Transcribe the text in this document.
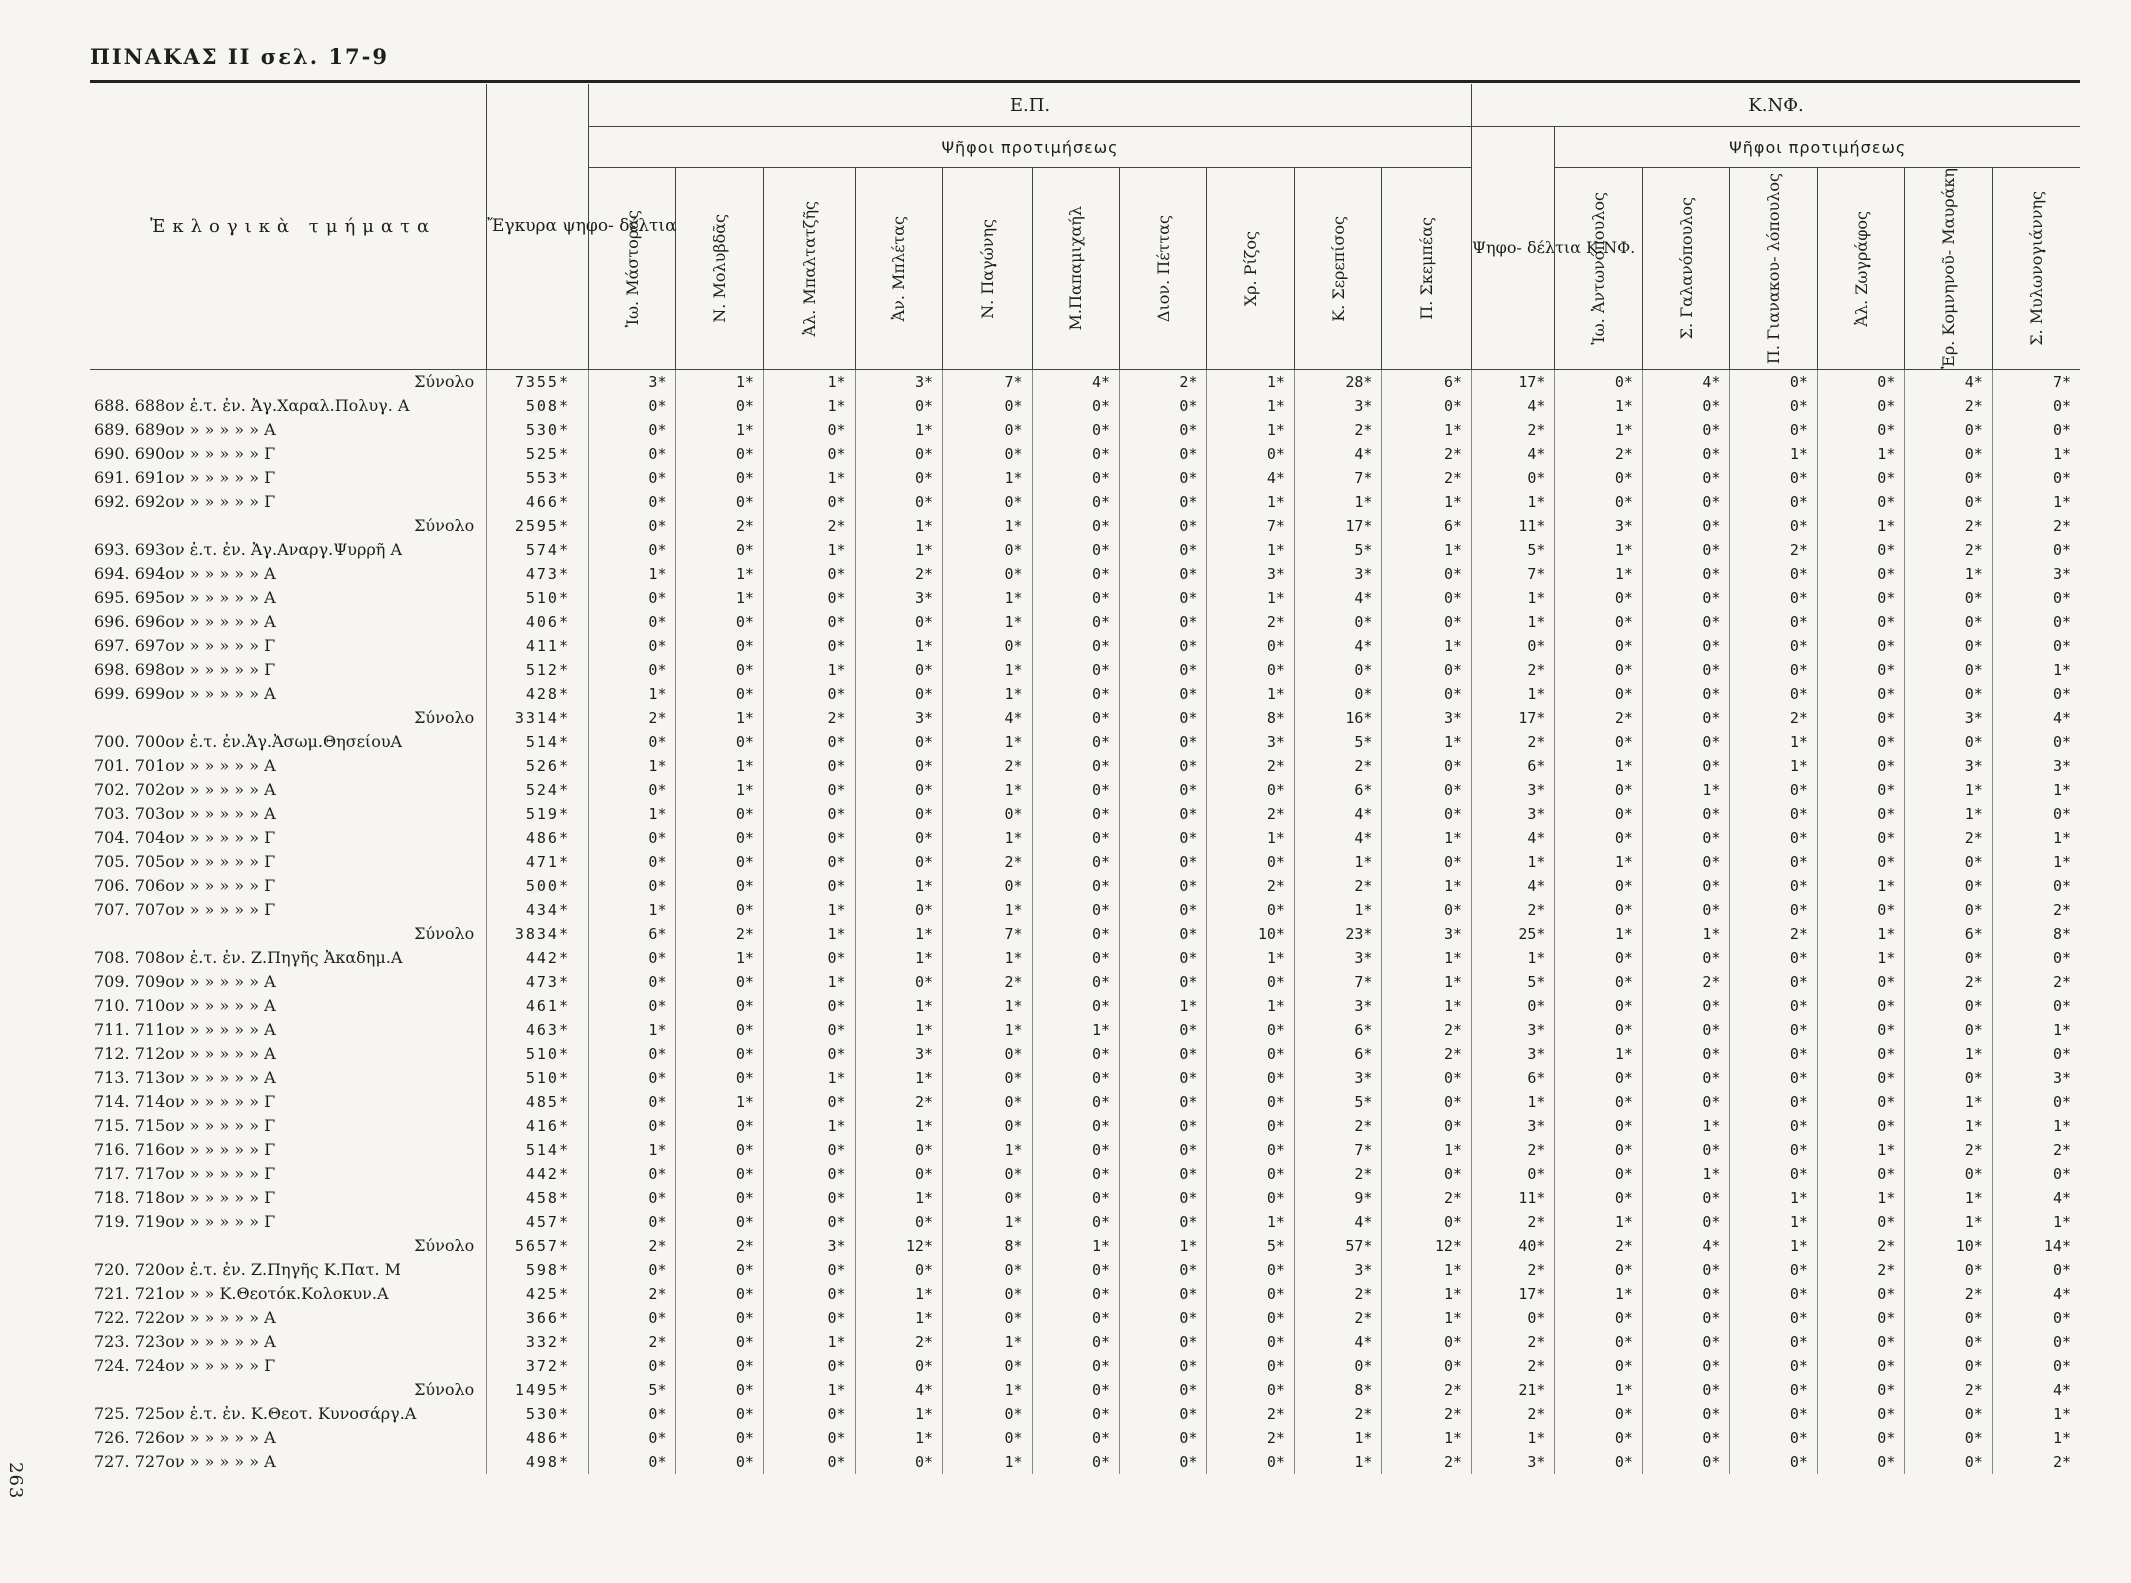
ΠΙΝΑΚΑΣ ΙΙ σελ. 17-9
263
Ἐκλογικὰ τμήματα	Ἔγκυρα ψηφο- δέλτια	Ε.Π.										Κ.ΝΦ.						
		Ψῆφοι προτιμήσεως										Ψηφο- δέλτια Κ.ΝΦ.	Ψῆφοι προτιμήσεως					

		Ἰω. Μάστορας	Ν. Μολυβδᾶς	Ἀλ. Μπαλτατζῆς	Ἀν. Μπλέτας	Ν. Παγώνης	Μ.Παπαμιχαήλ	Διον. Πέττας	Χρ. Ρίζος	Κ. Σερεπίσος	Π. Σκεμπέας		Ἰω. Ἀντωνόπουλος	Σ. Γαλανόπουλος	Π. Γιανακου- λόπουλος	Ἀλ. Ζωγράφος	Ἐρ. Κομνηνοῦ- Μαυράκη	Σ. Μυλωνογιάννης

Σύνολο	7355*	3*	1*	1*	3*	7*	4*	2*	1*	28*	6*	17*	0*	4*	0*	0*	4*	7*
688. 688ον ἐ.τ. ἐν. Ἀγ.Χαραλ.Πολυγ. Α	508*	0*	0*	1*	0*	0*	0*	0*	1*	3*	0*	4*	1*	0*	0*	0*	2*	0*
689. 689ον » » » » » Α	530*	0*	1*	0*	1*	0*	0*	0*	1*	2*	1*	2*	1*	0*	0*	0*	0*	0*
690. 690ον » » » » » Γ	525*	0*	0*	0*	0*	0*	0*	0*	0*	4*	2*	4*	2*	0*	1*	1*	0*	1*
691. 691ον » » » » » Γ	553*	0*	0*	1*	0*	1*	0*	0*	4*	7*	2*	0*	0*	0*	0*	0*	0*	0*
692. 692ον » » » » » Γ	466*	0*	0*	0*	0*	0*	0*	0*	1*	1*	1*	1*	0*	0*	0*	0*	0*	1*
Σύνολο	2595*	0*	2*	2*	1*	1*	0*	0*	7*	17*	6*	11*	3*	0*	0*	1*	2*	2*
693. 693ον ἐ.τ. ἐν. Ἀγ.Αναργ.Ψυρρῆ Α	574*	0*	0*	1*	1*	0*	0*	0*	1*	5*	1*	5*	1*	0*	2*	0*	2*	0*
694. 694ον » » » » » Α	473*	1*	1*	0*	2*	0*	0*	0*	3*	3*	0*	7*	1*	0*	0*	0*	1*	3*
695. 695ον » » » » » Α	510*	0*	1*	0*	3*	1*	0*	0*	1*	4*	0*	1*	0*	0*	0*	0*	0*	0*
696. 696ον » » » » » Α	406*	0*	0*	0*	0*	1*	0*	0*	2*	0*	0*	1*	0*	0*	0*	0*	0*	0*
697. 697ον » » » » » Γ	411*	0*	0*	0*	1*	0*	0*	0*	0*	4*	1*	0*	0*	0*	0*	0*	0*	0*
698. 698ον » » » » » Γ	512*	0*	0*	1*	0*	1*	0*	0*	0*	0*	0*	2*	0*	0*	0*	0*	0*	1*
699. 699ον » » » » » Α	428*	1*	0*	0*	0*	1*	0*	0*	1*	0*	0*	1*	0*	0*	0*	0*	0*	0*
Σύνολο	3314*	2*	1*	2*	3*	4*	0*	0*	8*	16*	3*	17*	2*	0*	2*	0*	3*	4*
700. 700ον ἐ.τ. ἐν.Ἀγ.Ἀσωμ.ΘησείουΑ	514*	0*	0*	0*	0*	1*	0*	0*	3*	5*	1*	2*	0*	0*	1*	0*	0*	0*
701. 701ον » » » » » Α	526*	1*	1*	0*	0*	2*	0*	0*	2*	2*	0*	6*	1*	0*	1*	0*	3*	3*
702. 702ον » » » » » Α	524*	0*	1*	0*	0*	1*	0*	0*	0*	6*	0*	3*	0*	1*	0*	0*	1*	1*
703. 703ον » » » » » Α	519*	1*	0*	0*	0*	0*	0*	0*	2*	4*	0*	3*	0*	0*	0*	0*	1*	0*
704. 704ον » » » » » Γ	486*	0*	0*	0*	0*	1*	0*	0*	1*	4*	1*	4*	0*	0*	0*	0*	2*	1*
705. 705ον » » » » » Γ	471*	0*	0*	0*	0*	2*	0*	0*	0*	1*	0*	1*	1*	0*	0*	0*	0*	1*
706. 706ον » » » » » Γ	500*	0*	0*	0*	1*	0*	0*	0*	2*	2*	1*	4*	0*	0*	0*	1*	0*	0*
707. 707ον » » » » » Γ	434*	1*	0*	1*	0*	1*	0*	0*	0*	1*	0*	2*	0*	0*	0*	0*	0*	2*
Σύνολο	3834*	6*	2*	1*	1*	7*	0*	0*	10*	23*	3*	25*	1*	1*	2*	1*	6*	8*
708. 708ον ἐ.τ. ἐν. Ζ.Πηγῆς Ἀκαδημ.Α	442*	0*	1*	0*	1*	1*	0*	0*	1*	3*	1*	1*	0*	0*	0*	1*	0*	0*
709. 709ον » » » » » Α	473*	0*	0*	1*	0*	2*	0*	0*	0*	7*	1*	5*	0*	2*	0*	0*	2*	2*
710. 710ον » » » » » Α	461*	0*	0*	0*	1*	1*	0*	1*	1*	3*	1*	0*	0*	0*	0*	0*	0*	0*
711. 711ον » » » » » Α	463*	1*	0*	0*	1*	1*	1*	0*	0*	6*	2*	3*	0*	0*	0*	0*	0*	1*
712. 712ον » » » » » Α	510*	0*	0*	0*	3*	0*	0*	0*	0*	6*	2*	3*	1*	0*	0*	0*	1*	0*
713. 713ον » » » » » Α	510*	0*	0*	1*	1*	0*	0*	0*	0*	3*	0*	6*	0*	0*	0*	0*	0*	3*
714. 714ον » » » » » Γ	485*	0*	1*	0*	2*	0*	0*	0*	0*	5*	0*	1*	0*	0*	0*	0*	1*	0*
715. 715ον » » » » » Γ	416*	0*	0*	1*	1*	0*	0*	0*	0*	2*	0*	3*	0*	1*	0*	0*	1*	1*
716. 716ον » » » » » Γ	514*	1*	0*	0*	0*	1*	0*	0*	0*	7*	1*	2*	0*	0*	0*	1*	2*	2*
717. 717ον » » » » » Γ	442*	0*	0*	0*	0*	0*	0*	0*	0*	2*	0*	0*	0*	1*	0*	0*	0*	0*
718. 718ον » » » » » Γ	458*	0*	0*	0*	1*	0*	0*	0*	0*	9*	2*	11*	0*	0*	1*	1*	1*	4*
719. 719ον » » » » » Γ	457*	0*	0*	0*	0*	1*	0*	0*	1*	4*	0*	2*	1*	0*	1*	0*	1*	1*
Σύνολο	5657*	2*	2*	3*	12*	8*	1*	1*	5*	57*	12*	40*	2*	4*	1*	2*	10*	14*
720. 720ον ἐ.τ. ἐν. Ζ.Πηγῆς Κ.Πατ. Μ	598*	0*	0*	0*	0*	0*	0*	0*	0*	3*	1*	2*	0*	0*	0*	2*	0*	0*
721. 721ον » » Κ.Θεοτόκ.Κολοκυν.Α	425*	2*	0*	0*	1*	0*	0*	0*	0*	2*	1*	17*	1*	0*	0*	0*	2*	4*
722. 722ον » » » » » Α	366*	0*	0*	0*	1*	0*	0*	0*	0*	2*	1*	0*	0*	0*	0*	0*	0*	0*
723. 723ον » » » » » Α	332*	2*	0*	1*	2*	1*	0*	0*	0*	4*	0*	2*	0*	0*	0*	0*	0*	0*
724. 724ον » » » » » Γ	372*	0*	0*	0*	0*	0*	0*	0*	0*	0*	0*	2*	0*	0*	0*	0*	0*	0*
Σύνολο	1495*	5*	0*	1*	4*	1*	0*	0*	0*	8*	2*	21*	1*	0*	0*	0*	2*	4*
725. 725ον ἐ.τ. ἐν. Κ.Θεοτ. Κυνοσάργ.Α	530*	0*	0*	0*	1*	0*	0*	0*	2*	2*	2*	2*	0*	0*	0*	0*	0*	1*
726. 726ον » » » » » Α	486*	0*	0*	0*	1*	0*	0*	0*	2*	1*	1*	1*	0*	0*	0*	0*	0*	1*
727. 727ον » » » » » Α	498*	0*	0*	0*	0*	1*	0*	0*	0*	1*	2*	3*	0*	0*	0*	0*	0*	2*
